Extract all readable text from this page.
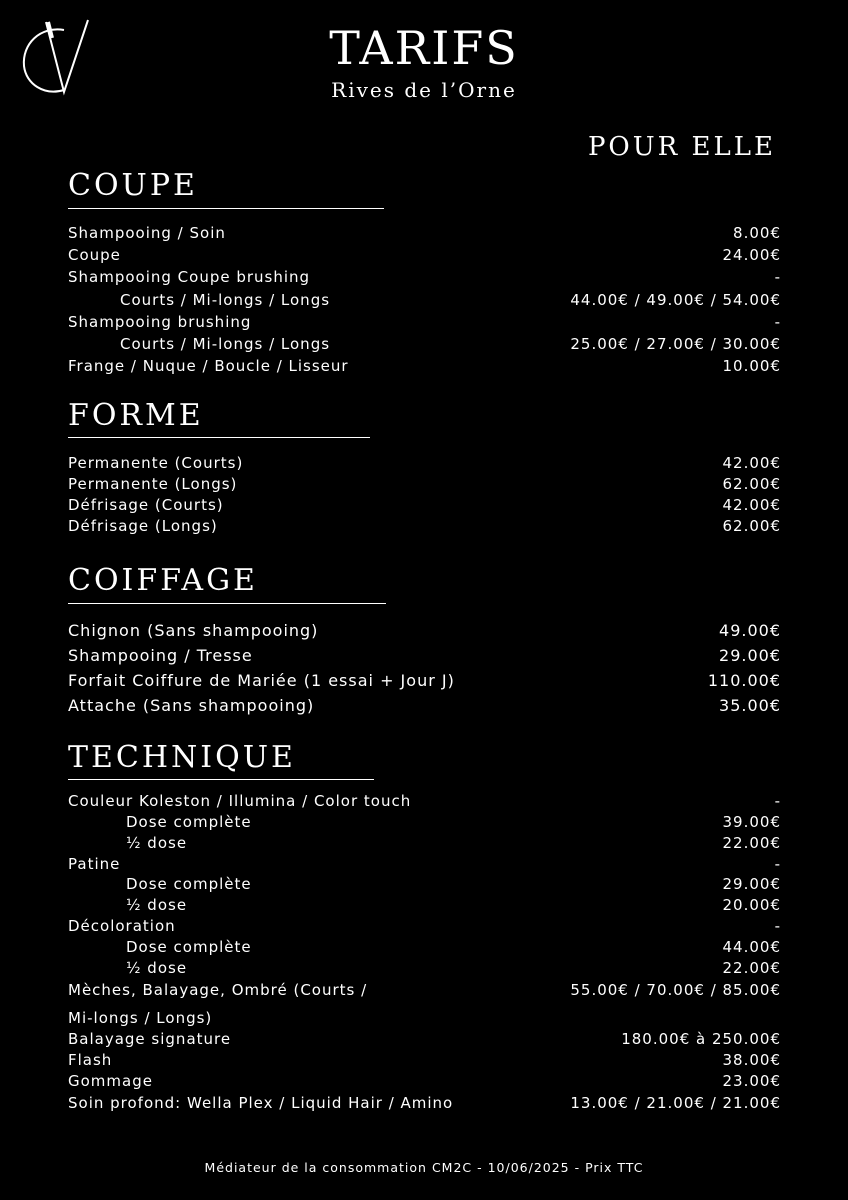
TARIFS
Rives de l’Orne
POUR ELLE
COUPE
Shampooing / Soin	8.00€
Coupe	24.00€
Shampooing Coupe brushing	-
Courts / Mi-longs / Longs	44.00€ / 49.00€ / 54.00€
Shampooing brushing	-
Courts / Mi-longs / Longs	25.00€ / 27.00€ / 30.00€
Frange / Nuque / Boucle / Lisseur	10.00€
FORME
Permanente (Courts)	42.00€
Permanente (Longs)	62.00€
Défrisage (Courts)	42.00€
Défrisage (Longs)	62.00€
COIFFAGE
Chignon (Sans shampooing)	49.00€
Shampooing / Tresse	29.00€
Forfait Coiffure de Mariée (1 essai + Jour J)	110.00€
Attache (Sans shampooing)	35.00€
TECHNIQUE
Couleur Koleston / Illumina / Color touch	-
Dose complète	39.00€
½ dose	22.00€
Patine	-
Dose complète	29.00€
½ dose	20.00€
Décoloration	-
Dose complète	44.00€
½ dose	22.00€
Mèches, Balayage, Ombré (Courts /	55.00€ / 70.00€ / 85.00€
Mi-longs / Longs)
Balayage signature	180.00€ à 250.00€
Flash	38.00€
Gommage	23.00€
Soin profond: Wella Plex / Liquid Hair / Amino	13.00€ / 21.00€ / 21.00€
Médiateur de la consommation CM2C - 10/06/2025 - Prix TTC
